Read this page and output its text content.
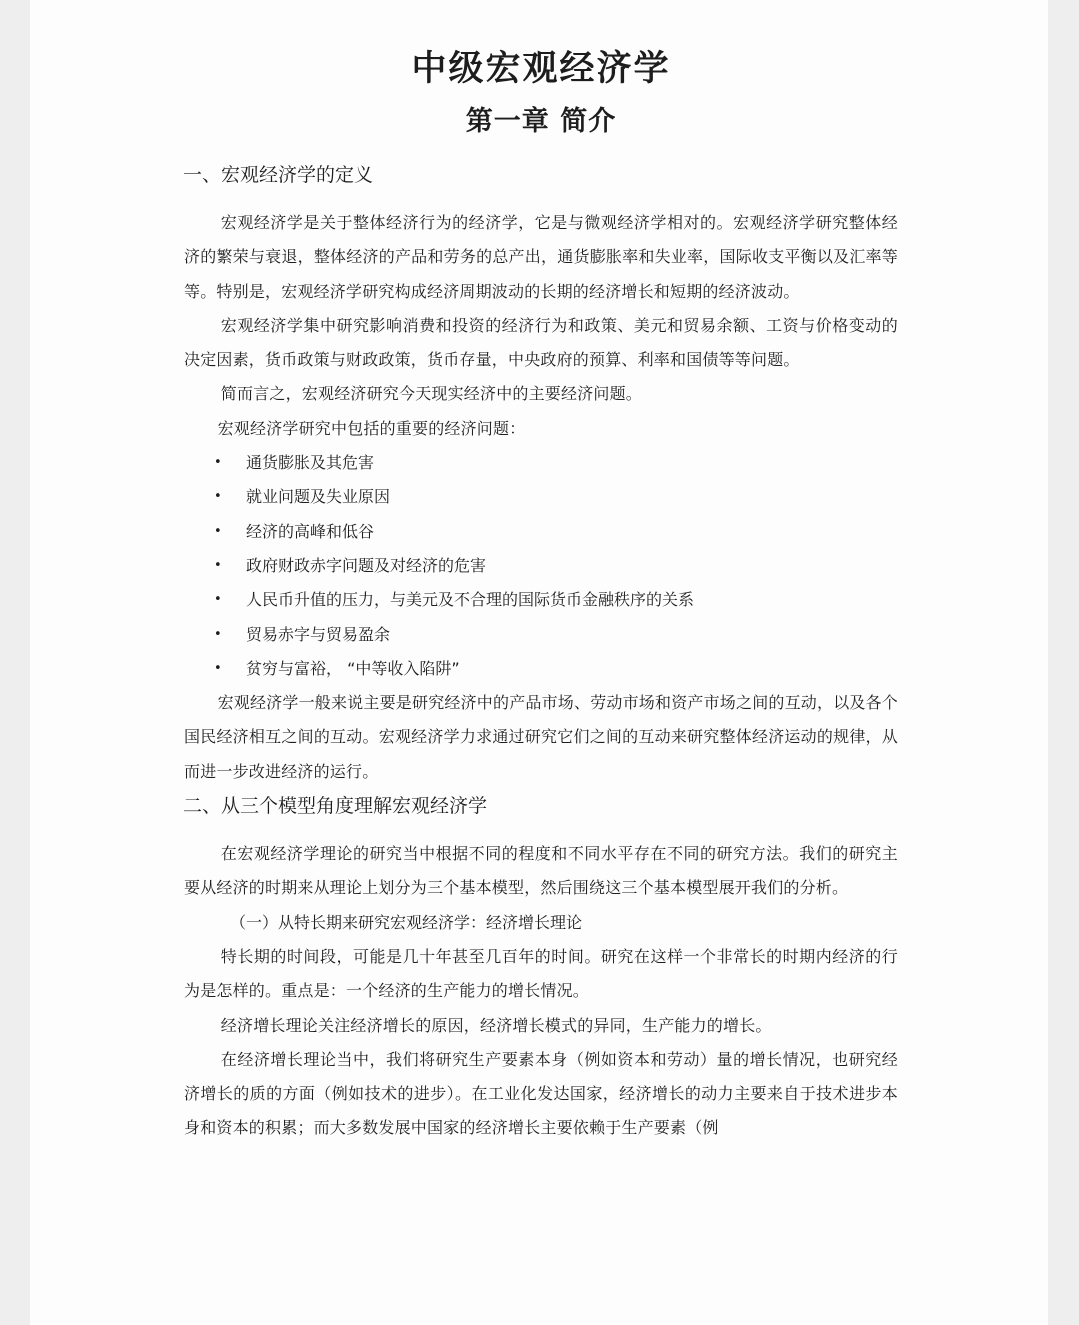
中级宏观经济学
第一章 简介
一、宏观经济学的定义

宏观经济学是关于整体经济行为的经济学，它是与微观经济学相对的。宏观经济学研究整体经济的繁荣与衰退，整体经济的产品和劳务的总产出，通货膨胀率和失业率，国际收支平衡以及汇率等等。特别是，宏观经济学研究构成经济周期波动的长期的经济增长和短期的经济波动。

宏观经济学集中研究影响消费和投资的经济行为和政策、美元和贸易余额、工资与价格变动的决定因素，货币政策与财政政策，货币存量，中央政府的预算、利率和国债等等问题。

简而言之，宏观经济研究今天现实经济中的主要经济问题。

宏观经济学研究中包括的重要的经济问题：

• 通货膨胀及其危害
• 就业问题及失业原因
• 经济的高峰和低谷
• 政府财政赤字问题及对经济的危害
• 人民币升值的压力，与美元及不合理的国际货币金融秩序的关系
• 贸易赤字与贸易盈余
• 贫穷与富裕， “中等收入陷阱”

宏观经济学一般来说主要是研究经济中的产品市场、劳动市场和资产市场之间的互动，以及各个国民经济相互之间的互动。宏观经济学力求通过研究它们之间的互动来研究整体经济运动的规律，从而进一步改进经济的运行。

二、从三个模型角度理解宏观经济学

在宏观经济学理论的研究当中根据不同的程度和不同水平存在不同的研究方法。我们的研究主要从经济的时期来从理论上划分为三个基本模型，然后围绕这三个基本模型展开我们的分析。

（一）从特长期来研究宏观经济学：经济增长理论

特长期的时间段，可能是几十年甚至几百年的时间。研究在这样一个非常长的时期内经济的行为是怎样的。重点是：一个经济的生产能力的增长情况。

经济增长理论关注经济增长的原因，经济增长模式的异同，生产能力的增长。

在经济增长理论当中，我们将研究生产要素本身（例如资本和劳动）量的增长情况，也研究经济增长的质的方面（例如技术的进步）。在工业化发达国家，经济增长的动力主要来自于技术进步本身和资本的积累；而大多数发展中国家的经济增长主要依赖于生产要素（例
